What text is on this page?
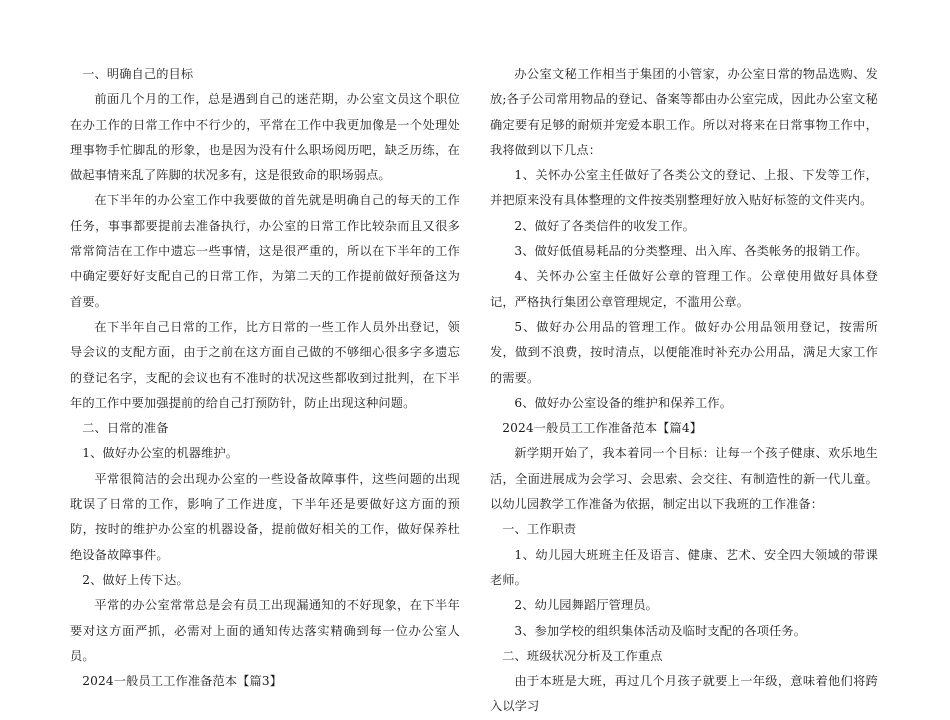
一、明确自己的目标

前面几个月的工作，总是遇到自己的迷茫期，办公室文员这个职位在办工作的日常工作中不行少的，平常在工作中我更加像是一个处理处理事物手忙脚乱的形象，也是因为没有什么职场阅历吧，缺乏历练，在做起事情来乱了阵脚的状况多有，这是很致命的职场弱点。

在下半年的办公室工作中我要做的首先就是明确自己的每天的工作任务，事事都要提前去准备执行，办公室的日常工作比较杂而且又很多常常简洁在工作中遗忘一些事情，这是很严重的，所以在下半年的工作中确定要好好支配自己的日常工作，为第二天的工作提前做好预备这为首要。

在下半年自己日常的工作，比方日常的一些工作人员外出登记，领导会议的支配方面，由于之前在这方面自己做的不够细心很多字多遗忘的登记名字，支配的会议也有不准时的状况这些都收到过批判，在下半年的工作中要加强提前的给自己打预防针，防止出现这种问题。

二、日常的准备

1、做好办公室的机器维护。

平常很简洁的会出现办公室的一些设备故障事件，这些问题的出现耽误了日常的工作，影响了工作进度，下半年还是要做好这方面的预防，按时的维护办公室的机器设备，提前做好相关的工作，做好保养杜绝设备故障事件。

2、做好上传下达。

平常的办公室常常总是会有员工出现漏通知的不好现象，在下半年要对这方面严抓，必需对上面的通知传达落实精确到每一位办公室人员。

2024一般员工工作准备范本【篇3】

办公室文秘工作相当于集团的小管家，办公室日常的物品选购、发放;各子公司常用物品的登记、备案等都由办公室完成，因此办公室文秘确定要有足够的耐烦并宠爱本职工作。所以对将来在日常事物工作中，我将做到以下几点：

1、关怀办公室主任做好了各类公文的登记、上报、下发等工作，并把原来没有具体整理的文件按类别整理好放入贴好标签的文件夹内。

2、做好了各类信件的收发工作。

3、做好低值易耗品的分类整理、出入库、各类帐务的报销工作。

4、关怀办公室主任做好公章的管理工作。公章使用做好具体登记，严格执行集团公章管理规定，不滥用公章。

5、做好办公用品的管理工作。做好办公用品领用登记，按需所发，做到不浪费，按时清点，以便能准时补充办公用品，满足大家工作的需要。

6、做好办公室设备的维护和保养工作。

2024一般员工工作准备范本【篇4】

新学期开始了，我本着同一个目标：让每一个孩子健康、欢乐地生活，全面进展成为会学习、会思索、会交往、有制造性的新一代儿童。以幼儿园教学工作准备为依据，制定出以下我班的工作准备：

一、工作职责

1、幼儿园大班班主任及语言、健康、艺术、安全四大领域的带课老师。

2、幼儿园舞蹈厅管理员。

3、参加学校的组织集体活动及临时支配的各项任务。

二、班级状况分析及工作重点

由于本班是大班，再过几个月孩子就要上一年级，意味着他们将跨入以学习
